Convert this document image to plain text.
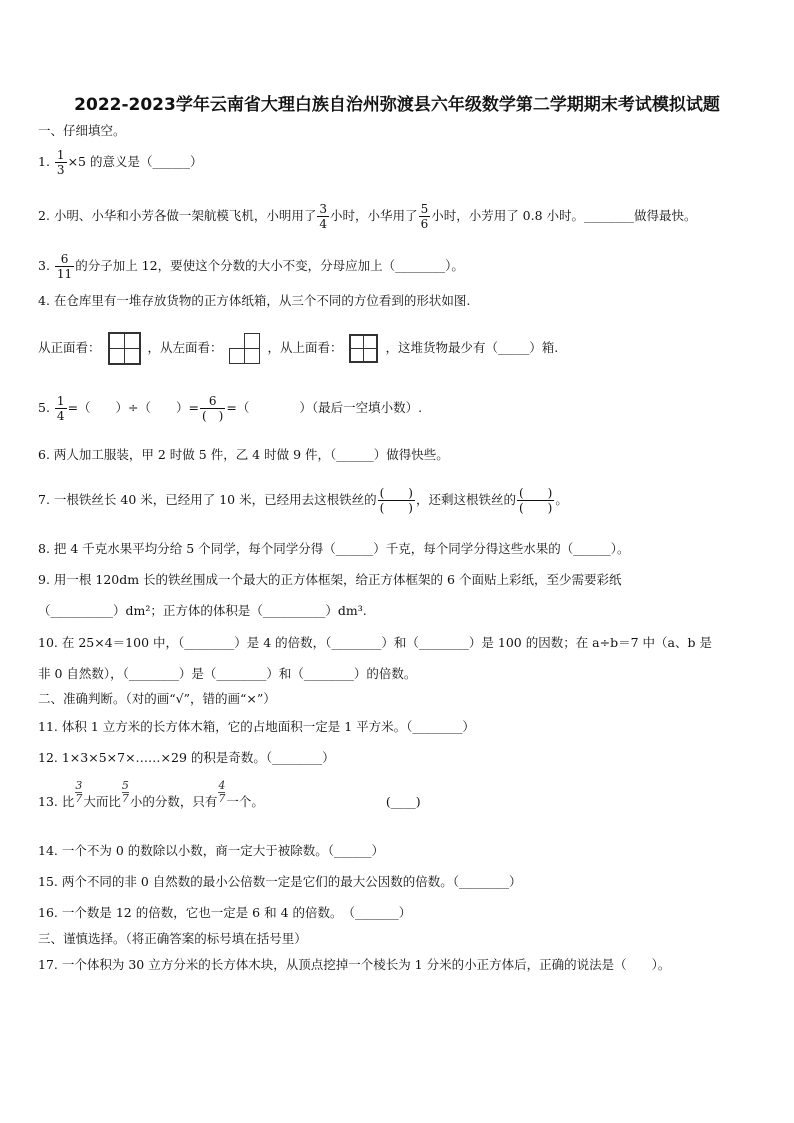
2022-2023学年云南省大理白族自治州弥渡县六年级数学第二学期期末考试模拟试题
一、仔细填空。
1. $\frac{1}{3} \times 5$ 的意义是（______）
2. 小明、小华和小芳各做一架航模飞机，小明用了 $\frac{3}{4}$ 小时，小华用了 $\frac{5}{6}$ 小时，小芳用了 0.8 小时。________做得最快。
3. $\frac{6}{11}$ 的分子加上 12，要使这个分数的大小不变，分母应加上（________）。
4. 在仓库里有一堆存放货物的正方体纸箱，从三个不同的方位看到的形状如图.
从正面看：

		，从左面看：

		，从上面看：

		，这堆货物最少有（_____）箱.
5. $\frac{1}{4}$ =（　　）÷（　　）= $\frac{6}{( )}$ =（　　　　）（最后一空填小数）.
6. 两人加工服装，甲 2 时做 5 件，乙 4 时做 9 件，（______）做得快些。
7. 一根铁丝长 40 米，已经用了 10 米，已经用去这根铁丝的 $\frac{( )}{( )}$ ，还剩这根铁丝的 $\frac{( )}{( )}$ 。
8. 把 4 千克水果平均分给 5 个同学，每个同学分得（______）千克，每个同学分得这些水果的（______）。
9. 用一根 120dm 长的铁丝围成一个最大的正方体框架，给正方体框架的 6 个面贴上彩纸，至少需要彩纸
（__________）dm²；正方体的体积是（__________）dm³.
10. 在 25×4＝100 中，（________）是 4 的倍数，（________）和（________）是 100 的因数；在 a÷b＝7 中（a、b 是
非 0 自然数），（________）是（________）和（________）的倍数。
二、准确判断。（对的画“√”，错的画“×”）
11. 体积 1 立方米的长方体木箱，它的占地面积一定是 1 平方米。（________）
12. 1×3×5×7×……×29 的积是奇数。（________）
13. 比 $\frac{3}{7}$ 大而比 $\frac{5}{7}$ 小的分数，只有 $\frac{4}{7}$ 一个。	(____)
14. 一个不为 0 的数除以小数，商一定大于被除数。（______）
15. 两个不同的非 0 自然数的最小公倍数一定是它们的最大公因数的倍数。（________）
16. 一个数是 12 的倍数，它也一定是 6 和 4 的倍数。　（_______）
三、谨慎选择。（将正确答案的标号填在括号里）
17. 一个体积为 30 立方分米的长方体木块，从顶点挖掉一个棱长为 1 分米的小正方体后，正确的说法是（　　）。
